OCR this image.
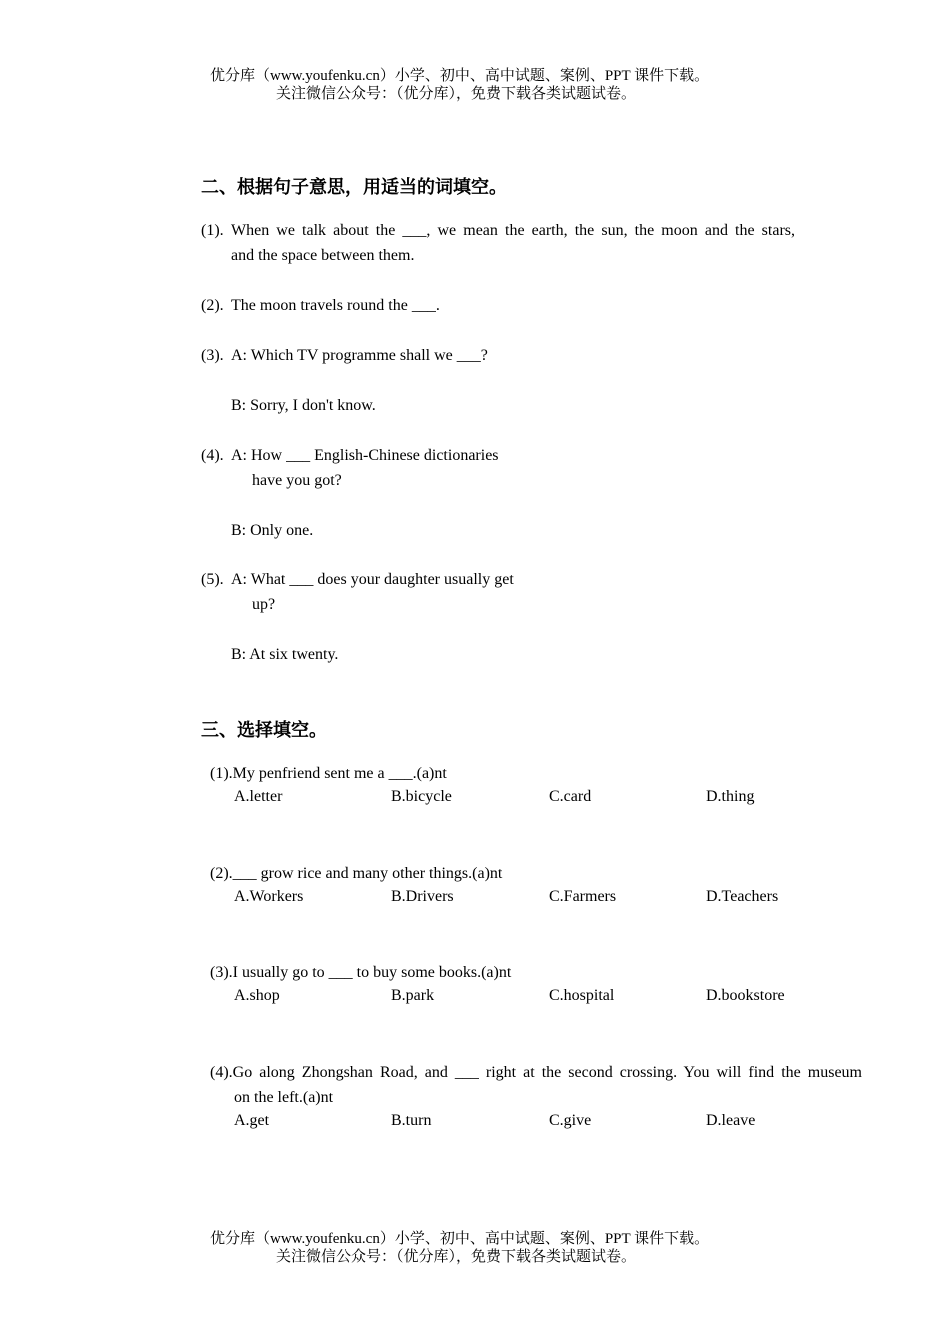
优分库（www.youfenku.cn）小学、初中、高中试题、案例、PPT 课件下载。
关注微信公众号：（优分库），免费下载各类试题试卷。
二、根据句子意思，用适当的词填空。
(1). When we talk about the ___, we mean the earth, the sun, the moon and the stars,
and the space between them.
(2). The moon travels round the ___.
(3). A: Which TV programme shall we ___?
B: Sorry, I don't know.
(4). A: How ___ English-Chinese dictionaries
have you got?
B: Only one.
(5). A: What ___ does your daughter usually get
up?
B: At six twenty.
三、选择填空。
(1).My penfriend sent me a ___.(a)nt
A.letter	B.bicycle	C.card	D.thing
(2).___ grow rice and many other things.(a)nt
A.Workers	B.Drivers	C.Farmers	D.Teachers
(3).I usually go to ___ to buy some books.(a)nt
A.shop	B.park	C.hospital	D.bookstore
(4).Go along Zhongshan Road, and ___ right at the second crossing. You will find the museum
on the left.(a)nt
A.get	B.turn	C.give	D.leave
优分库（www.youfenku.cn）小学、初中、高中试题、案例、PPT 课件下载。
关注微信公众号：（优分库），免费下载各类试题试卷。
